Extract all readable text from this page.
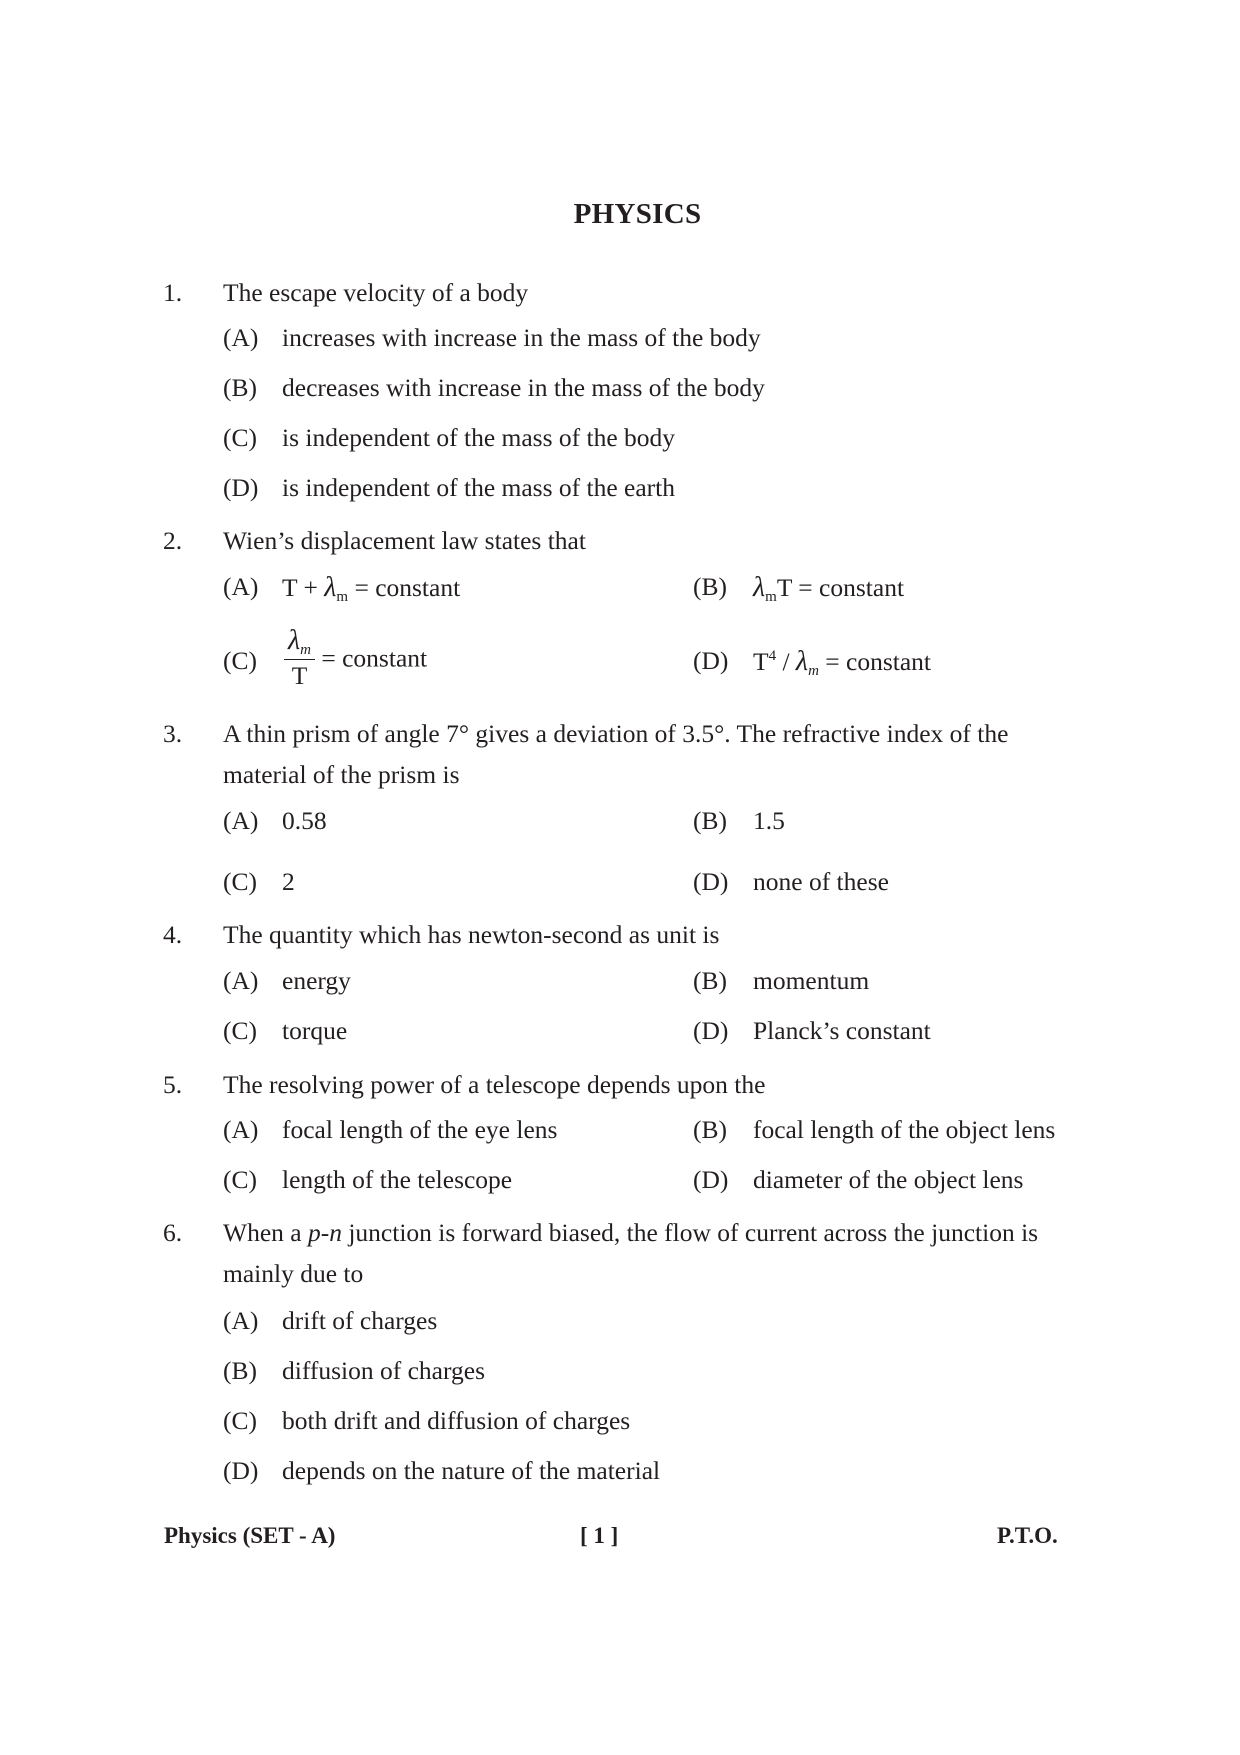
PHYSICS
1. The escape velocity of a body
(A) increases with increase in the mass of the body
(B) decreases with increase in the mass of the body
(C) is independent of the mass of the body
(D) is independent of the mass of the earth
2. Wien’s displacement law states that
(A) $T + \lambda_m$ = constant	(B) $\lambda_mT$ = constant
$(C) \frac{\lambda_m}{T}$ = constant	(D) $T^4 / \lambda_m$ = constant
3. A thin prism of angle 7° gives a deviation of 3.5°. The refractive index of the
material of the prism is
(A) 0.58	(B) 1.5
(C) 2	(D) none of these
4. The quantity which has newton-second as unit is
(A) energy	(B) momentum
(C) torque	(D) Planck’s constant
5. The resolving power of a telescope depends upon the
(A) focal length of the eye lens	(B) focal length of the object lens
(C) length of the telescope	(D) diameter of the object lens
6. When a p-n junction is forward biased, the flow of current across the junction is
mainly due to
(A) drift of charges
(B) diffusion of charges
(C) both drift and diffusion of charges
(D) depends on the nature of the material
Physics (SET - A)	[ 1 ]	P.T.O.
